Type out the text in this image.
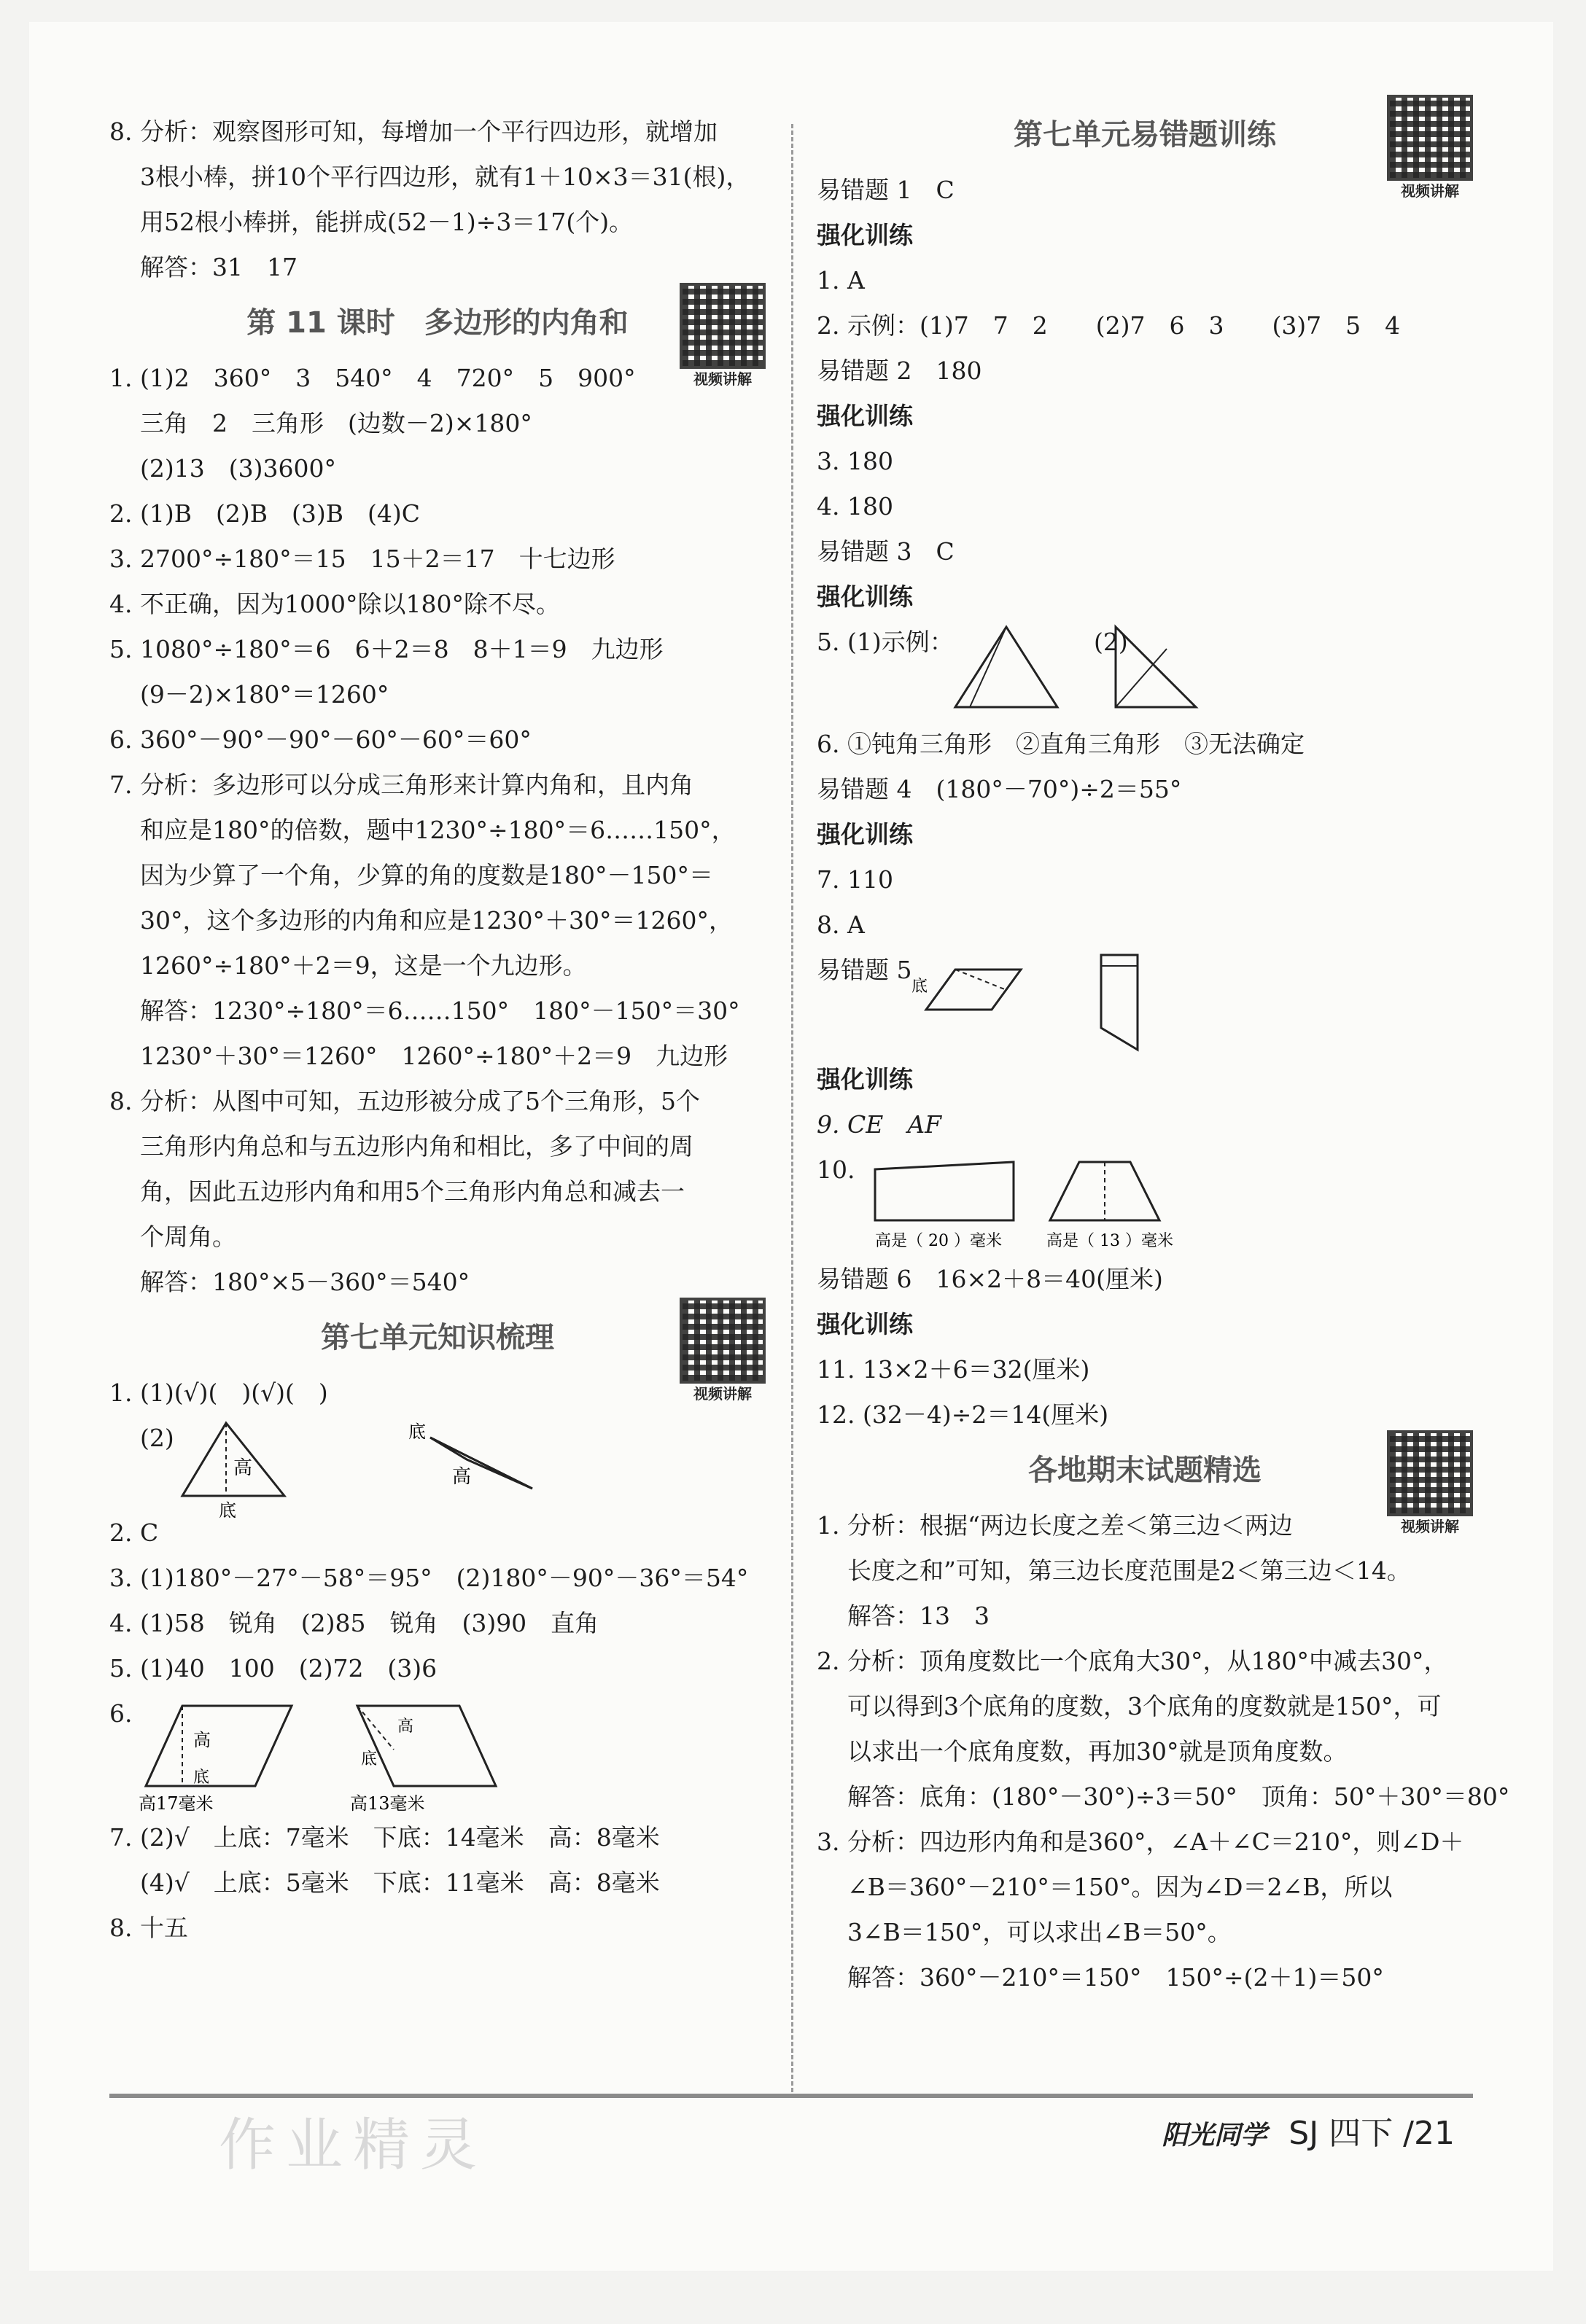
8. 分析：观察图形可知，每增加一个平行四边形，就增加
3根小棒，拼10个平行四边形，就有1＋10×3＝31(根)，
用52根小棒拼，能拼成(52－1)÷3＝17(个)。
解答：31　17
第 11 课时　多边形的内角和
视频讲解
1. (1)2　360°　3　540°　4　720°　5　900°
三角　2　三角形　(边数－2)×180°
(2)13　(3)3600°
2. (1)B　(2)B　(3)B　(4)C
3. 2700°÷180°＝15　15＋2＝17　十七边形
4. 不正确，因为1000°除以180°除不尽。
5. 1080°÷180°＝6　6＋2＝8　8＋1＝9　九边形
(9－2)×180°＝1260°
6. 360°－90°－90°－60°－60°＝60°
7. 分析：多边形可以分成三角形来计算内角和，且内角
和应是180°的倍数，题中1230°÷180°＝6……150°，
因为少算了一个角，少算的角的度数是180°－150°＝
30°，这个多边形的内角和应是1230°＋30°＝1260°，
1260°÷180°＋2＝9，这是一个九边形。
解答：1230°÷180°＝6……150°　180°－150°＝30°
1230°＋30°＝1260°　1260°÷180°＋2＝9　九边形
8. 分析：从图中可知，五边形被分成了5个三角形，5个
三角形内角总和与五边形内角和相比，多了中间的周
角，因此五边形内角和用5个三角形内角总和减去一
个周角。
解答：180°×5－360°＝540°
第七单元知识梳理
视频讲解
1. (1)(√)(　)(√)(　)
(2)
高
底
底
高
2. C
3. (1)180°－27°－58°＝95°　(2)180°－90°－36°＝54°
4. (1)58　锐角　(2)85　锐角　(3)90　直角
5. (1)40　100　(2)72　(3)6
6.
高
底
高17毫米
高
底
高13毫米
7. (2)√　上底：7毫米　下底：14毫米　高：8毫米
(4)√　上底：5毫米　下底：11毫米　高：8毫米
8. 十五
第七单元易错题训练
视频讲解
易错题 1　C
强化训练
1. A
2. 示例：(1)7　7　2　　(2)7　6　3　　(3)7　5　4
易错题 2　180
强化训练
3. 180
4. 180
易错题 3　C
强化训练
5. (1)示例：	(2)
6. ①钝角三角形　②直角三角形　③无法确定
易错题 4　(180°－70°)÷2＝55°
强化训练
7. 110
8. A
易错题 5
底
强化训练
9. CE　AF
10.
高是（ 20 ）毫米	高是（ 13 ）毫米
易错题 6　16×2＋8＝40(厘米)
强化训练
11. 13×2＋6＝32(厘米)
12. (32－4)÷2＝14(厘米)
各地期末试题精选
视频讲解
1. 分析：根据“两边长度之差＜第三边＜两边
长度之和”可知，第三边长度范围是2＜第三边＜14。
解答：13　3
2. 分析：顶角度数比一个底角大30°，从180°中减去30°，
可以得到3个底角的度数，3个底角的度数就是150°，可
以求出一个底角度数，再加30°就是顶角度数。
解答：底角：(180°－30°)÷3＝50°　顶角：50°＋30°＝80°
3. 分析：四边形内角和是360°，∠A＋∠C＝210°，则∠D＋
∠B＝360°－210°＝150°。因为∠D＝2∠B，所以
3∠B＝150°，可以求出∠B＝50°。
解答：360°－210°＝150°　150°÷(2＋1)＝50°
作业精灵	阳光同学 SJ 四下 /21
